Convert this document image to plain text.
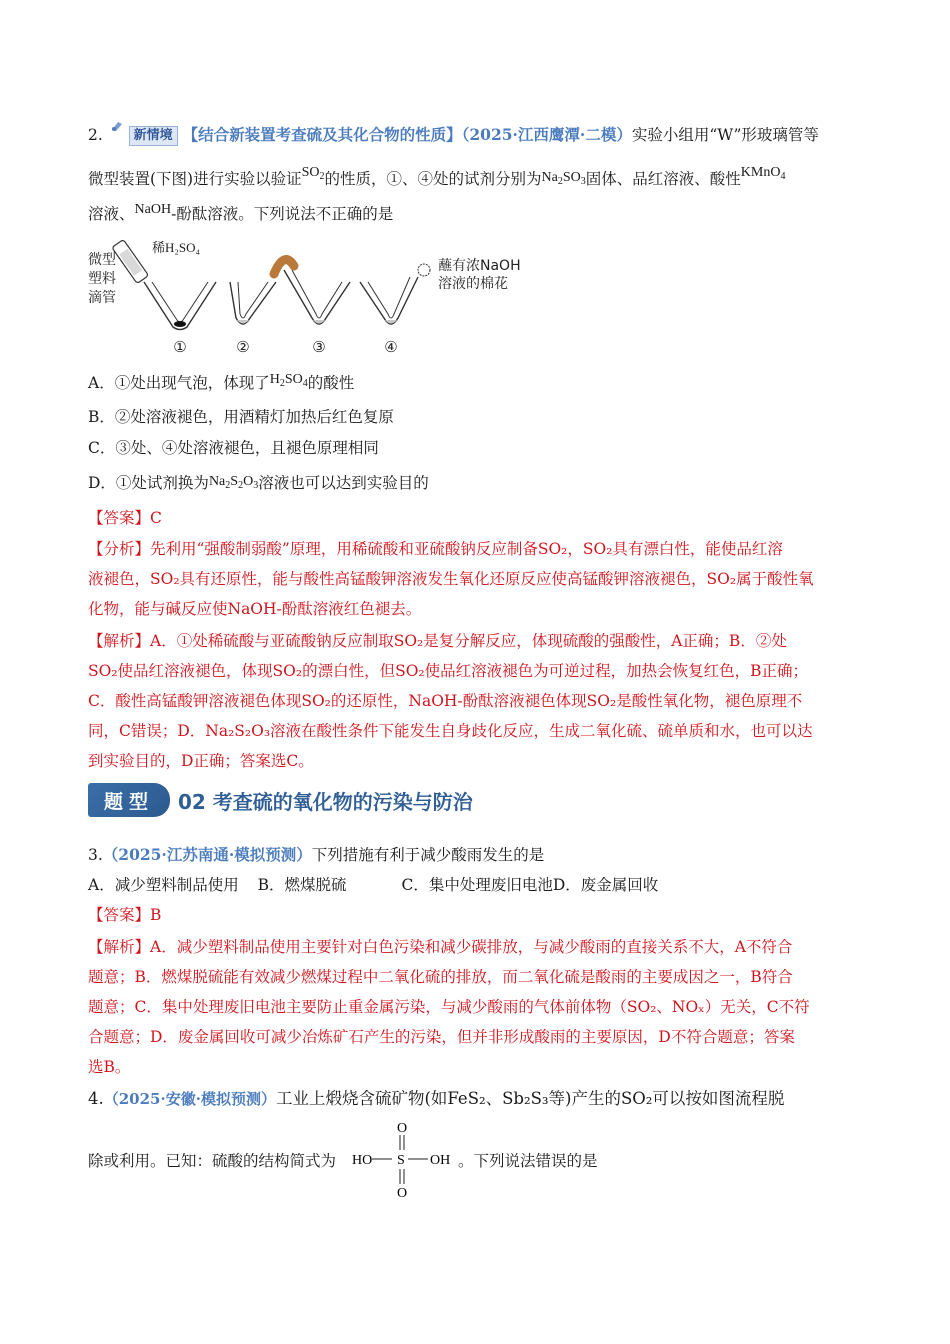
2. 新情境 【结合新装置考查硫及其化合物的性质】（2025·江西鹰潭·二模）实验小组用“W”形玻璃管等
微型装置(下图)进行实验以验证$SO_2$的性质，①、④处的试剂分别为$Na_2SO_3$固体、品红溶液、酸性KMnO$_4$
溶液、NaOH-酚酞溶液。下列说法不正确的是
微型
塑料
滴管
稀H₂SO₄
蘸有浓NaOH
溶液的棉花
①	②	③	④
A．①处出现气泡，体现了$H_2SO_4$的酸性
B．②处溶液褪色，用酒精灯加热后红色复原
C．③处、④处溶液褪色，且褪色原理相同
D．①处试剂换为$Na_2S_2O_3$溶液也可以达到实验目的
【答案】C
【分析】先利用“强酸制弱酸”原理，用稀硫酸和亚硫酸钠反应制备SO₂，SO₂具有漂白性，能使品红溶
液褪色，SO₂具有还原性，能与酸性高锰酸钾溶液发生氧化还原反应使高锰酸钾溶液褪色，SO₂属于酸性氧
化物，能与碱反应使NaOH-酚酞溶液红色褪去。
【解析】A．①处稀硫酸与亚硫酸钠反应制取SO₂是复分解反应，体现硫酸的强酸性，A正确；B．②处
SO₂使品红溶液褪色，体现SO₂的漂白性，但SO₂使品红溶液褪色为可逆过程，加热会恢复红色，B正确；
C．酸性高锰酸钾溶液褪色体现SO₂的还原性，NaOH-酚酞溶液褪色体现SO₂是酸性氧化物，褪色原理不
同，C错误；D．Na₂S₂O₃溶液在酸性条件下能发生自身歧化反应，生成二氧化硫、硫单质和水，也可以达
到实验目的，D正确；答案选C。
题型	02 考查硫的氧化物的污染与防治
3.（2025·江苏南通·模拟预测）下列措施有利于减少酸雨发生的是
A．减少塑料制品使用 B．燃煤脱硫	C．集中处理废旧电池D．废金属回收
【答案】B
【解析】A．减少塑料制品使用主要针对白色污染和减少碳排放，与减少酸雨的直接关系不大，A不符合
题意；B．燃煤脱硫能有效减少燃煤过程中二氧化硫的排放，而二氧化硫是酸雨的主要成因之一，B符合
题意；C．集中处理废旧电池主要防止重金属污染，与减少酸雨的气体前体物（SO₂、NOₓ）无关，C不符
合题意；D．废金属回收可减少冶炼矿石产生的污染，但并非形成酸雨的主要原因，D不符合题意；答案
选B。
4.（2025·安徽·模拟预测）工业上煅烧含硫矿物(如FeS₂、Sb₂S₃等)产生的SO₂可以按如图流程脱
除或利用。已知：硫酸的结构简式为	。下列说法错误的是
O
HO S OH
O
